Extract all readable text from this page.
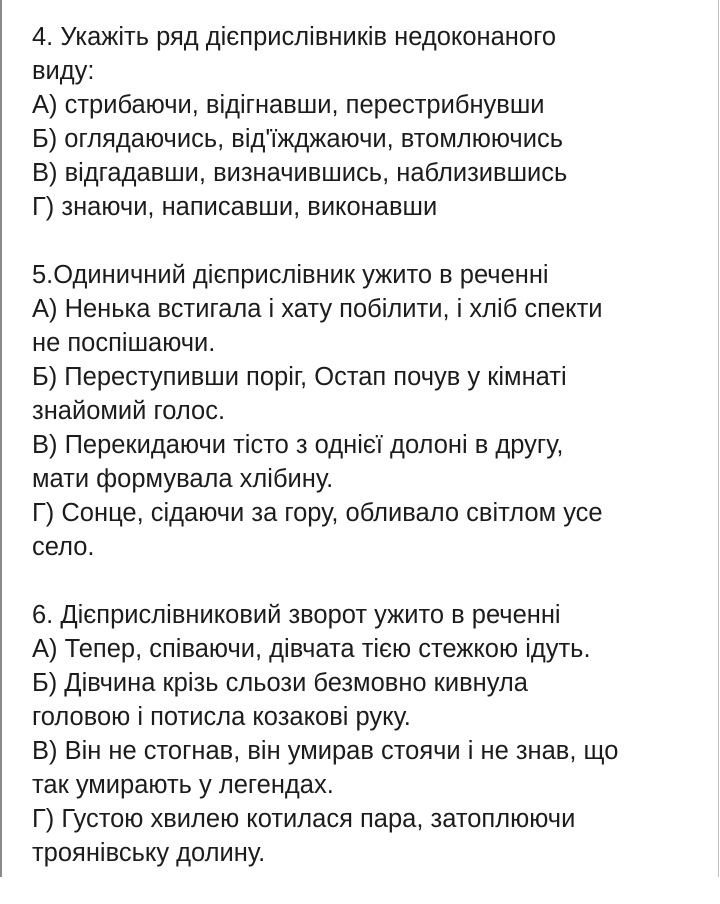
4. Укажіть ряд дієприслівників недоконаного
виду:
А) стрибаючи, відігнавши, перестрибнувши
Б) оглядаючись, від'їжджаючи, втомлюючись
В) відгадавши, визначившись, наблизившись
Г) знаючи, написавши, виконавши
5.Одиничний дієприслівник ужито в реченні
А) Ненька встигала і хату побілити, і хліб спекти
не поспішаючи.
Б) Переступивши поріг, Остап почув у кімнаті
знайомий голос.
В) Перекидаючи тісто з однієї долоні в другу,
мати формувала хлібину.
Г) Сонце, сідаючи за гору, обливало світлом усе
село.
6. Дієприслівниковий зворот ужито в реченні
А) Тепер, співаючи, дівчата тією стежкою ідуть.
Б) Дівчина крізь сльози безмовно кивнула
головою і потисла козакові руку.
В) Він не стогнав, він умирав стоячи і не знав, що
так умирають у легендах.
Г) Густою хвилею котилася пара, затоплюючи
троянівську долину.
